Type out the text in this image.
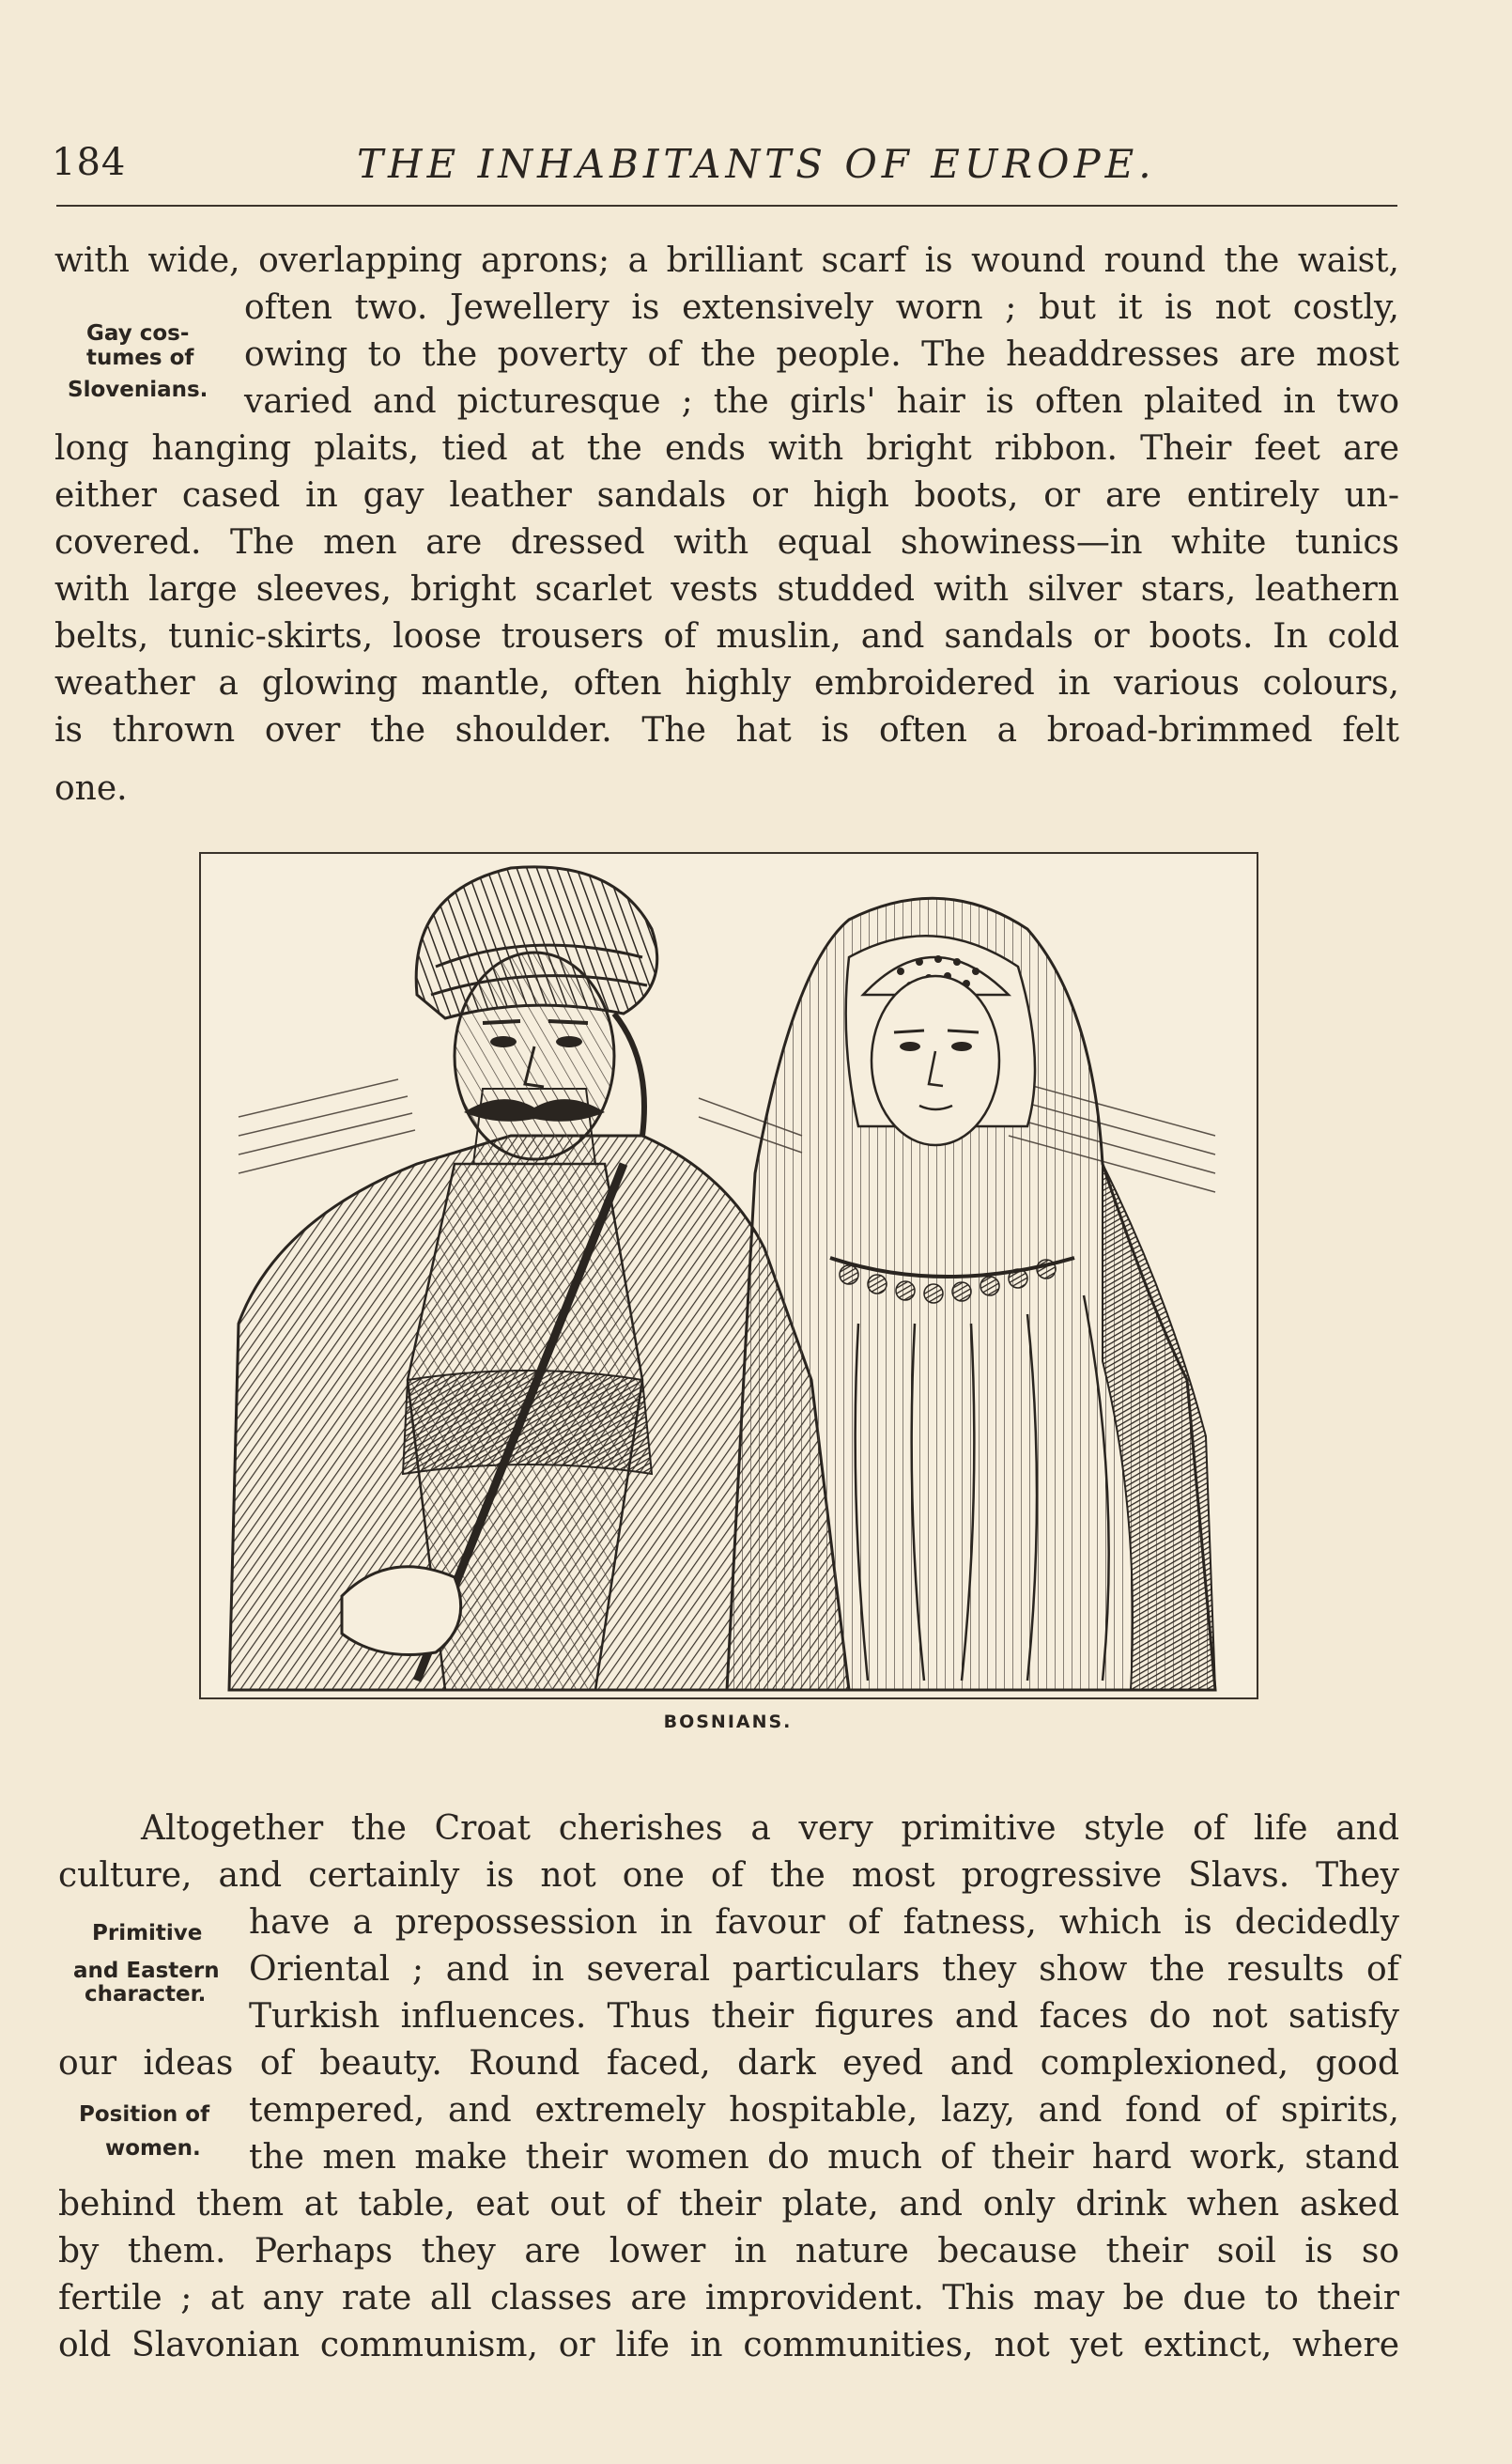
184	THE INHABITANTS OF EUROPE.
with wide, overlapping aprons; a brilliant scarf is wound round the waist,
often two. Jewellery is extensively worn ; but it is not costly,
owing to the poverty of the people. The headdresses are most
varied and picturesque ; the girls' hair is often plaited in two
long hanging plaits, tied at the ends with bright ribbon. Their feet are
either cased in gay leather sandals or high boots, or are entirely un-
covered. The men are dressed with equal showiness—in white tunics
with large sleeves, bright scarlet vests studded with silver stars, leathern
belts, tunic-skirts, loose trousers of muslin, and sandals or boots. In cold
weather a glowing mantle, often highly embroidered in various colours,
is thrown over the shoulder. The hat is often a broad-brimmed felt
one.
Gay cos-
tumes of
Slovenians.
BOSNIANS.
Altogether the Croat cherishes a very primitive style of life and
culture, and certainly is not one of the most progressive Slavs. They
have a prepossession in favour of fatness, which is decidedly
Oriental ; and in several particulars they show the results of
Turkish influences. Thus their figures and faces do not satisfy
our ideas of beauty. Round faced, dark eyed and complexioned, good
tempered, and extremely hospitable, lazy, and fond of spirits,
the men make their women do much of their hard work, stand
behind them at table, eat out of their plate, and only drink when asked
by them. Perhaps they are lower in nature because their soil is so
fertile ; at any rate all classes are improvident. This may be due to their
old Slavonian communism, or life in communities, not yet extinct, where
Primitive
and Eastern
character.
Position of
women.
